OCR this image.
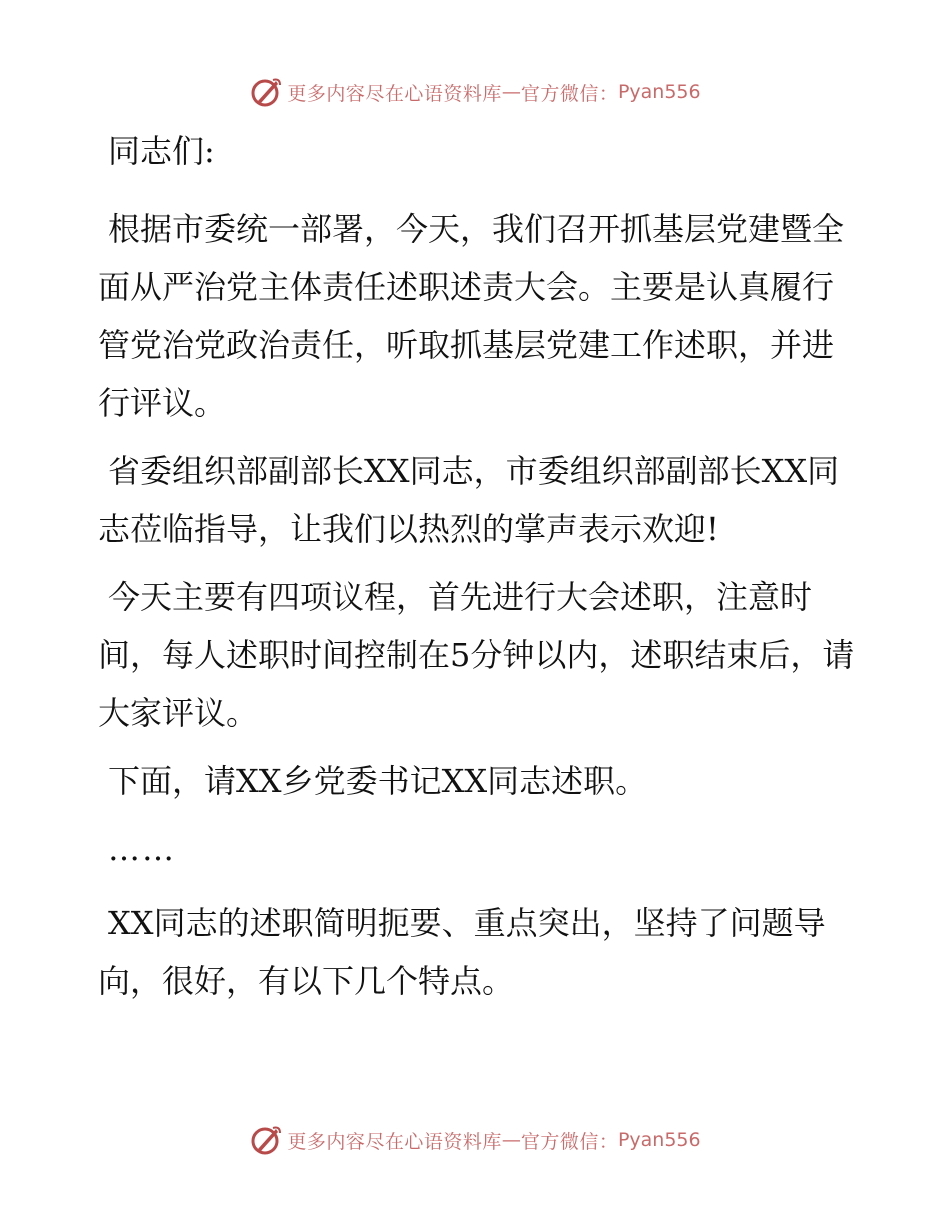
更多内容尽在心语资料库 — 官方微信 ： Pyan556

同志们:

根据市委统一部署，今天，我们召开抓基层党建暨全面从严治党主体责任述职述责大会。主要是认真履行管党治党政治责任，听取抓基层党建工作述职，并进行评议。

省委组织部副部长XX同志，市委组织部副部长XX同志莅临指导，让我们以热烈的掌声表示欢迎!

今天主要有四项议程，首先进行大会述职，注意时间，每人述职时间控制在5分钟以内，述职结束后，请大家评议。

下面，请XX乡党委书记XX同志述职。

……

XX同志的述职简明扼要、重点突出，坚持了问题导向，很好，有以下几个特点。

更多内容尽在心语资料库 — 官方微信 ： Pyan556
